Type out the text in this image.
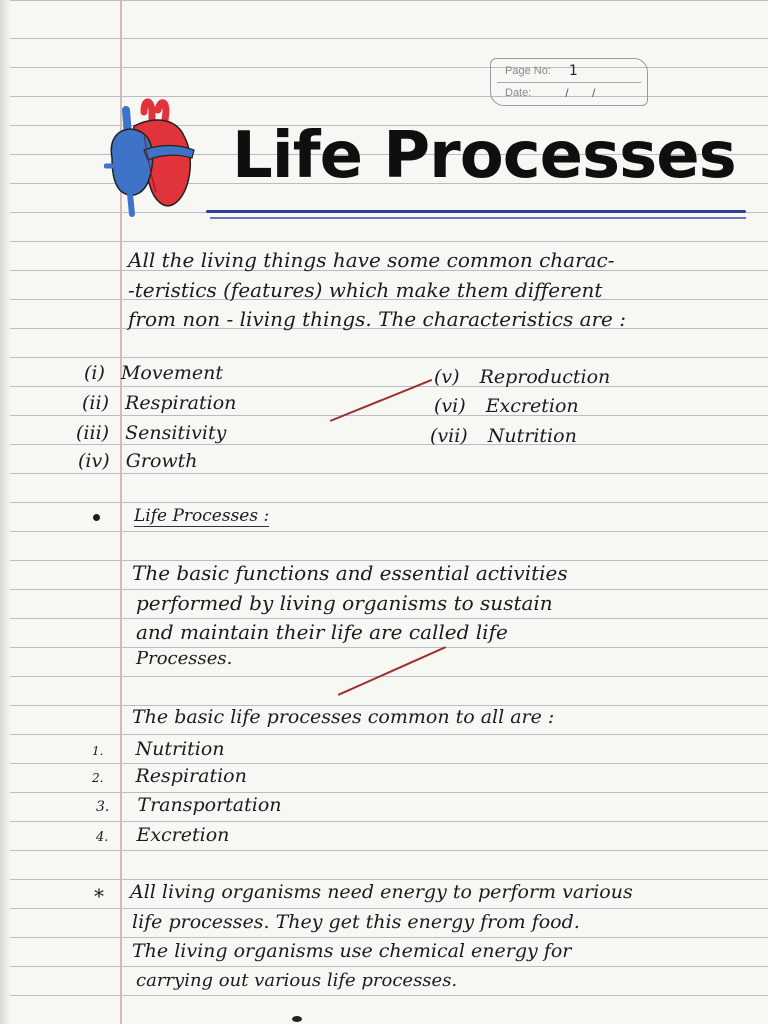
Page No: 1
Date:	/ /
Life Processes
All the living things have some common charac-
-teristics (features) which make them different
from non - living things. The characteristics are :
(i) Movement
(ii) Respiration
(iii) Sensitivity
(iv) Growth
(v) Reproduction
(vi) Excretion
(vii) Nutrition
Life Processes :
The basic functions and essential activities
performed by living organisms to sustain
and maintain their life are called life
Processes.
The basic life processes common to all are :
1. Nutrition
2. Respiration
3. Transportation
4. Excretion
* All living organisms need energy to perform various
life processes. They get this energy from food.
The living organisms use chemical energy for
carrying out various life processes.
